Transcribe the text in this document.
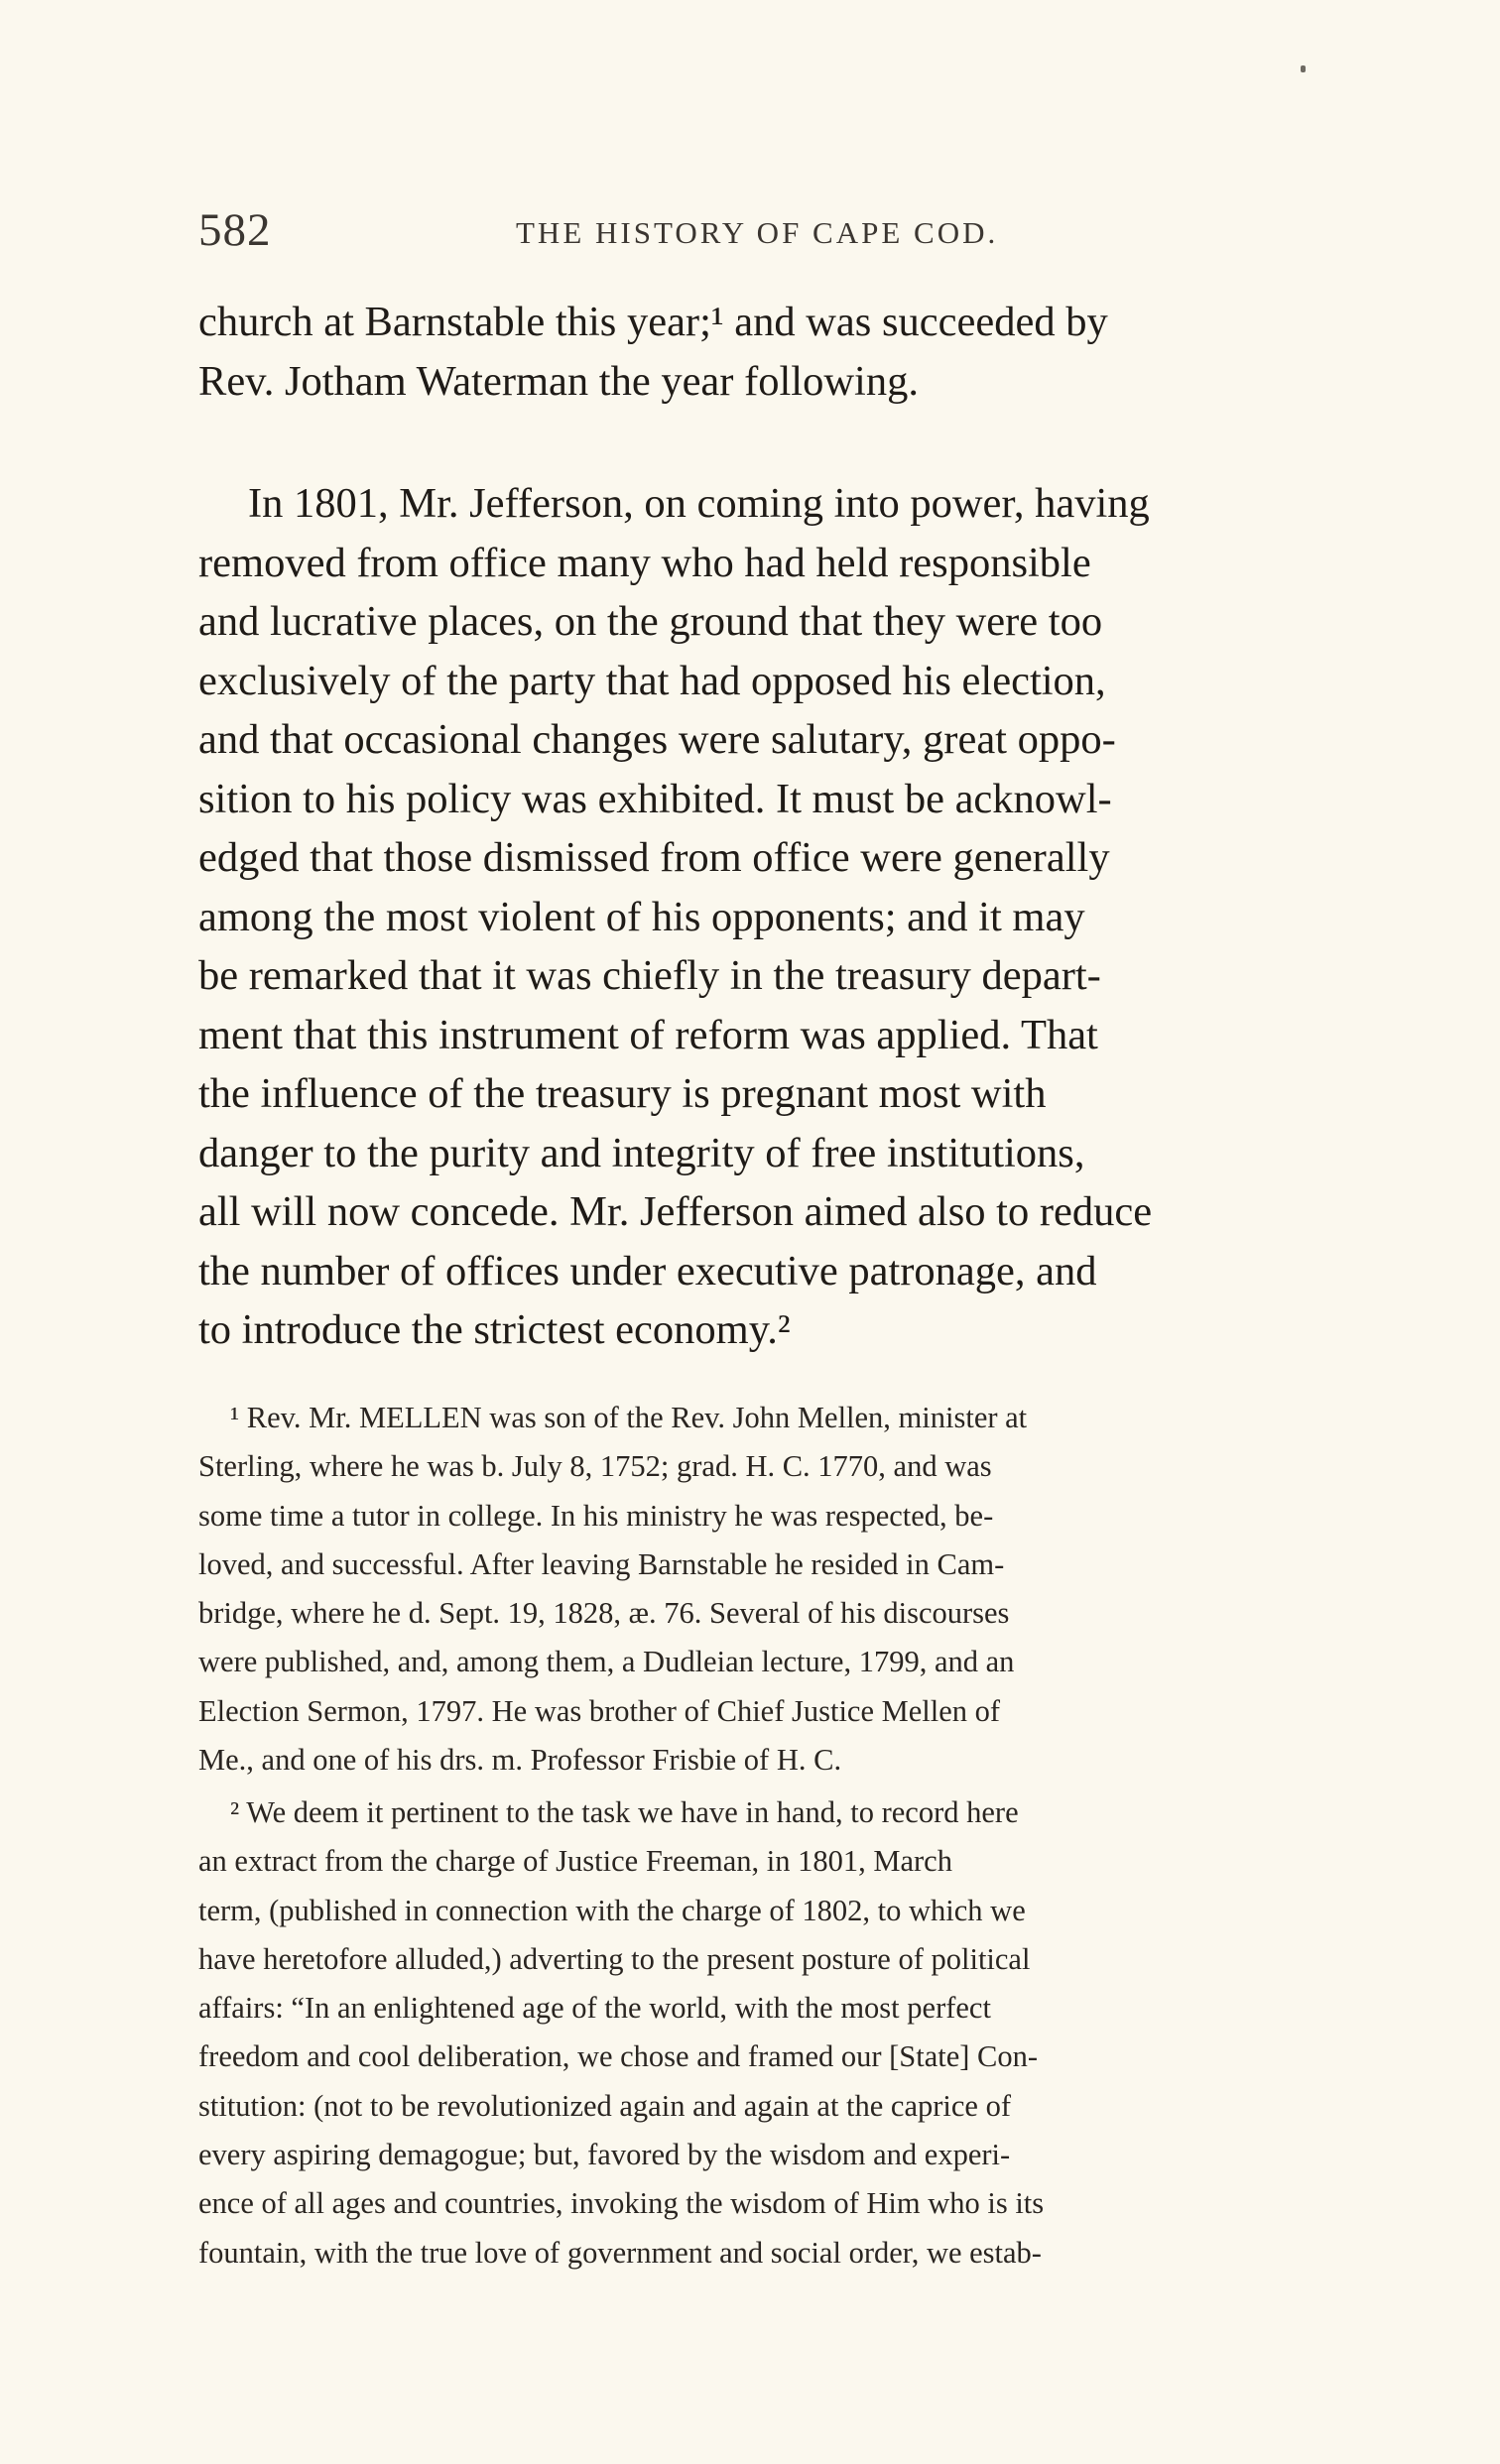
582	THE HISTORY OF CAPE COD.
church at Barnstable this year;¹ and was succeeded by
Rev. Jotham Waterman the year following.
In 1801, Mr. Jefferson, on coming into power, having
removed from office many who had held responsible
and lucrative places, on the ground that they were too
exclusively of the party that had opposed his election,
and that occasional changes were salutary, great oppo-
sition to his policy was exhibited. It must be acknowl-
edged that those dismissed from office were generally
among the most violent of his opponents; and it may
be remarked that it was chiefly in the treasury depart-
ment that this instrument of reform was applied. That
the influence of the treasury is pregnant most with
danger to the purity and integrity of free institutions,
all will now concede. Mr. Jefferson aimed also to reduce
the number of offices under executive patronage, and
to introduce the strictest economy.²
¹ Rev. Mr. MELLEN was son of the Rev. John Mellen, minister at
Sterling, where he was b. July 8, 1752; grad. H. C. 1770, and was
some time a tutor in college. In his ministry he was respected, be-
loved, and successful. After leaving Barnstable he resided in Cam-
bridge, where he d. Sept. 19, 1828, æ. 76. Several of his discourses
were published, and, among them, a Dudleian lecture, 1799, and an
Election Sermon, 1797. He was brother of Chief Justice Mellen of
Me., and one of his drs. m. Professor Frisbie of H. C.
² We deem it pertinent to the task we have in hand, to record here
an extract from the charge of Justice Freeman, in 1801, March
term, (published in connection with the charge of 1802, to which we
have heretofore alluded,) adverting to the present posture of political
affairs: “In an enlightened age of the world, with the most perfect
freedom and cool deliberation, we chose and framed our [State] Con-
stitution: (not to be revolutionized again and again at the caprice of
every aspiring demagogue; but, favored by the wisdom and experi-
ence of all ages and countries, invoking the wisdom of Him who is its
fountain, with the true love of government and social order, we estab-
